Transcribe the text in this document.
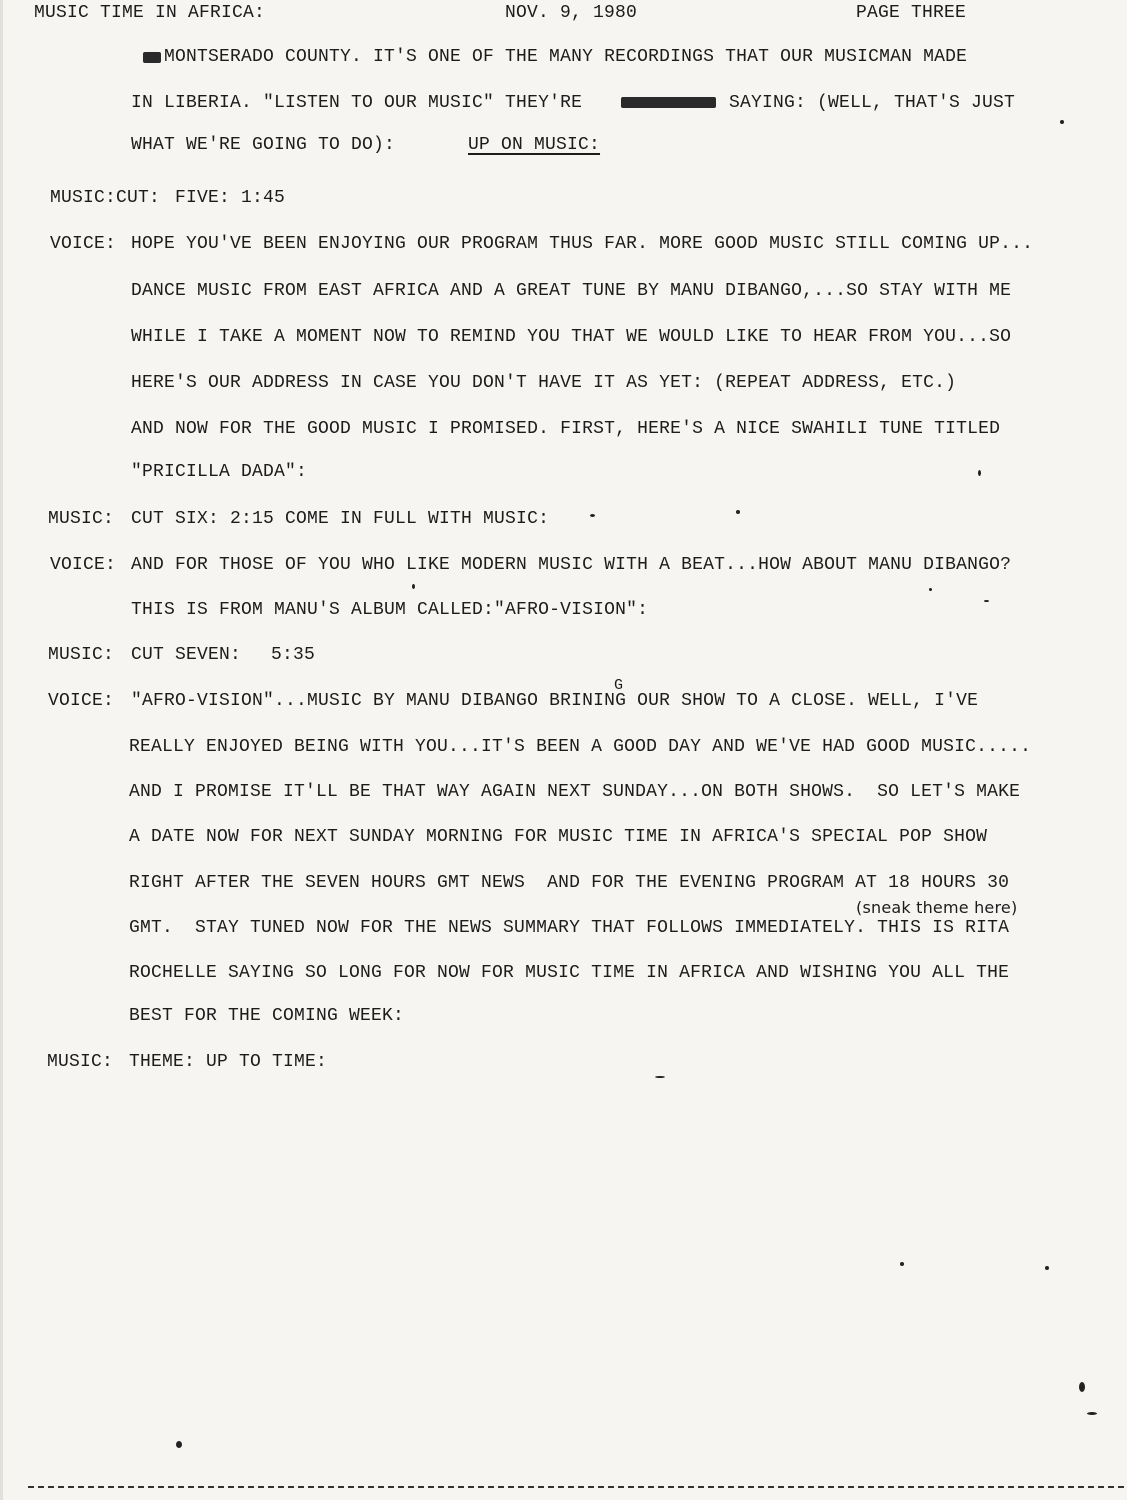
MUSIC TIME IN AFRICA:	NOV. 9, 1980	PAGE THREE
MONTSERADO COUNTY. IT'S ONE OF THE MANY RECORDINGS THAT OUR MUSICMAN MADE
IN LIBERIA. "LISTEN TO OUR MUSIC" THEY'RE	SAYING: (WELL, THAT'S JUST
WHAT WE'RE GOING TO DO):	UP ON MUSIC:
MUSIC:CUT: FIVE: 1:45
VOICE: HOPE YOU'VE BEEN ENJOYING OUR PROGRAM THUS FAR. MORE GOOD MUSIC STILL COMING UP...
DANCE MUSIC FROM EAST AFRICA AND A GREAT TUNE BY MANU DIBANGO,...SO STAY WITH ME
WHILE I TAKE A MOMENT NOW TO REMIND YOU THAT WE WOULD LIKE TO HEAR FROM YOU...SO
HERE'S OUR ADDRESS IN CASE YOU DON'T HAVE IT AS YET: (REPEAT ADDRESS, ETC.)
AND NOW FOR THE GOOD MUSIC I PROMISED. FIRST, HERE'S A NICE SWAHILI TUNE TITLED
"PRICILLA DADA":
MUSIC: CUT SIX: 2:15 COME IN FULL WITH MUSIC:
VOICE: AND FOR THOSE OF YOU WHO LIKE MODERN MUSIC WITH A BEAT...HOW ABOUT MANU DIBANGO?
THIS IS FROM MANU'S ALBUM CALLED:"AFRO-VISION":
MUSIC: CUT SEVEN: 5:35
VOICE:
G
"AFRO-VISION"...MUSIC BY MANU DIBANGO BRINING OUR SHOW TO A CLOSE. WELL, I'VE
REALLY ENJOYED BEING WITH YOU...IT'S BEEN A GOOD DAY AND WE'VE HAD GOOD MUSIC.....
AND I PROMISE IT'LL BE THAT WAY AGAIN NEXT SUNDAY...ON BOTH SHOWS.  SO LET'S MAKE
A DATE NOW FOR NEXT SUNDAY MORNING FOR MUSIC TIME IN AFRICA'S SPECIAL POP SHOW
RIGHT AFTER THE SEVEN HOURS GMT NEWS  AND FOR THE EVENING PROGRAM AT 18 HOURS 30
(sneak theme here)
GMT.  STAY TUNED NOW FOR THE NEWS SUMMARY THAT FOLLOWS IMMEDIATELY. THIS IS RITA
ROCHELLE SAYING SO LONG FOR NOW FOR MUSIC TIME IN AFRICA AND WISHING YOU ALL THE
BEST FOR THE COMING WEEK:
MUSIC: THEME: UP TO TIME:
